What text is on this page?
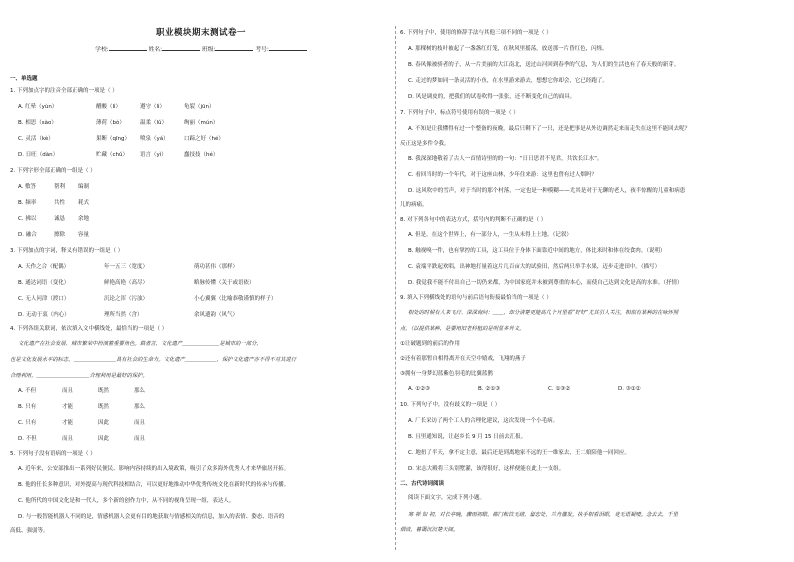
职业模块期末测试卷一
学校:	姓名:	班级:	考号:
一、单选题
1. 下列加点字的注音全部正确的一项是（ ）
A. 红晕（yùn）	醋酸（lì）	遵守（lì）	龟裂（jūn）
B. 相思（sào）	薄荷（bò）	温柔（lǔ）	绚丽（mún）
C. 灵活（kè）	果断（qīng） 喷泉（yá）	口蹄之好（hé）
D. 日旺（dàn）	贮藏（chǔ） 语言（yì）	蠢技技（hé）
2. 下列字形全部正确的一组是（ ）
A. 敷答	帮利 编制
B. 频率	共性 耗式
C. 拂以	诚恳 余地
D. 融合	擦除 容量
3. 下列加点的字词，释义有错误的一组是（ ）
A. 天作之合（配偶）	年一五三（宽度）	萌功甚伟（那样）
B. 通达词语（变化）	鲜艳高艳（高尽）	略脉传懂（关于或语依）
C. 无人问津（渡口）	沉论之浑（污浊）	小心翼翼（比喻恭敬谨慎的样子）
D. 无动于衷（内心）	理所当然（含）	余风遗韵（风气）
4. 下列各组关联词，依次填入文中横线处，最恰当的一项是（ ）
文化遗产在社会发展、城市繁荣中扮演着重要角色。做者言，文化遗产＿＿＿＿＿＿＿是城市的一部分，
也是文化发展水平的标志，＿＿＿＿＿＿＿＿具有社会的生命力。文化遗产＿＿＿＿＿＿，保护文化遗产亦不得不对其进行
合理利用，＿＿＿＿＿＿＿＿＿＿合理利用是最好的保护。
A. 不但	而且	既然	那么
B. 只有	才能	既然	那么
C. 只有	才能	因此	而且
D. 不但	而且	因此	而且
5. 下列句子没有语病的一项是（ ）
A. 近年来，公安部推出一系列好民便民、影响内容持续的出入境政策，吸引了众多海外优秀人才来华旅居开拓。
B. 他的任长多种意识，对外提高与现代科技相结合，可以更好地推动中华优秀传统文化在新时代的传承与传播。
C. 他所代的中国文化是和一代人，多个新的创作力中，从不同的视角呈现一组，表达人。
D. 与一般智能机器人不同的是，情感机器人会更有目的地获取与情感相关的信息，加入的表情、姿态、语音的
高低、强弱等。
6. 下列句子中，使用的修辞手法与其他三项不同的一项是（ ）
A. 那棵树的枝叶被起了一盏盏红灯笼，在秋风里摇荡，放送那一片昏红色，闪烁。
B. 春风像被骄者的子，从一片美丽的大江南北，送过山河回到春季的气息，为人们的生活也有了春天般的新芽。
C. 走过的梦如同一条灵活的小鱼，在水里游来游去，想想它你却会，它已经跑了。
D. 风是调皮的，把我们的试卷吹得一张张，还不断变化自己的面具。
7. 下列句子中，标点符号使用有误的一项是（ ）
A. 不知是让我懂得有过一个整备的夜晚，最后只剩下了一只，还是把事是从外边调然走来而走失在这里不能回去呢？
反正这是多件令我。
B. 我深深地敬着了古人一首情诗里的的一句：“日日思君不见君，共饮长江水”。
C. 看回当时的一个年代，对于这座山林，少年住来游：这里也曾有过人烟吗？
D. 这风吹中的雪声，对于当时的那个村落，一定也是一种模糊——尤其是对于无聊的老人，孩半惊醒的儿童和病患
儿的病痛。
8. 对下列各句中的表达方式，括号内的判断不正确的是（ ）
A. 但是，在这个世界上，有一部分人，一生从未得上土地。（记叙）
B. 触视嗅一件，也有掌控的工具，这工具位于身体下面靠近中间的地方，体比米时和体在绞食肉。（说明）
C. 袁端平跌起欢唱，出神地打量着这片几百亩大的试验田，然后两只举手水果，迈步走进田中。（描写）
D. 我觉我不能不付出自己一切仍来都，为中国家庭并未被到尊重的本心，而使自己达到文化是高的水准。（抒情）
9. 填入下列横线处的语句与前后语句衔接最恰当的一项是（ ）
相处的时候有人来飞行、深深询问：＿＿，却分清楚更能高几个月里看“好好”尤其引人关注，相似有某种的在咏怀照
点，（以提供某种，是要用旧老科植的是明显多外义。
①让破题到的前后的作用
②还有着那暂自相得离开在天空中嬉戏，飞翔的燕子
③拥有一身梦幻蓝紫色羽毛的比翼蓝鹊
A. ①②③	B. ②①③	C. ①③②	D. ③①②
10. 下列句子中，没有歧义的一项是（ ）
A. 厂长采访了两个工人的合理化建议，这次发现一个小毛病。
B. 且里通知说，让赵乡长 9 月 15 日前去汇报。
C. 地扭了半天，拿不定主意，最后还是到离地家不远的王一维家去，王二娘陪他一同回应。
D. 宋志大殿将三头别墅灌，该得很好，这样便能在此上一支组。
二、古代诗词阅读
阅读下面文字，完成下列小题。
寒 禅 如 初，对长亭晚，骤雨初歇。都门帐饮无绪，留恋处，兰舟催发。执手相看泪眼，竟无语凝噎。念去去，千里
烟波，暮霭沉沉楚天阔。
